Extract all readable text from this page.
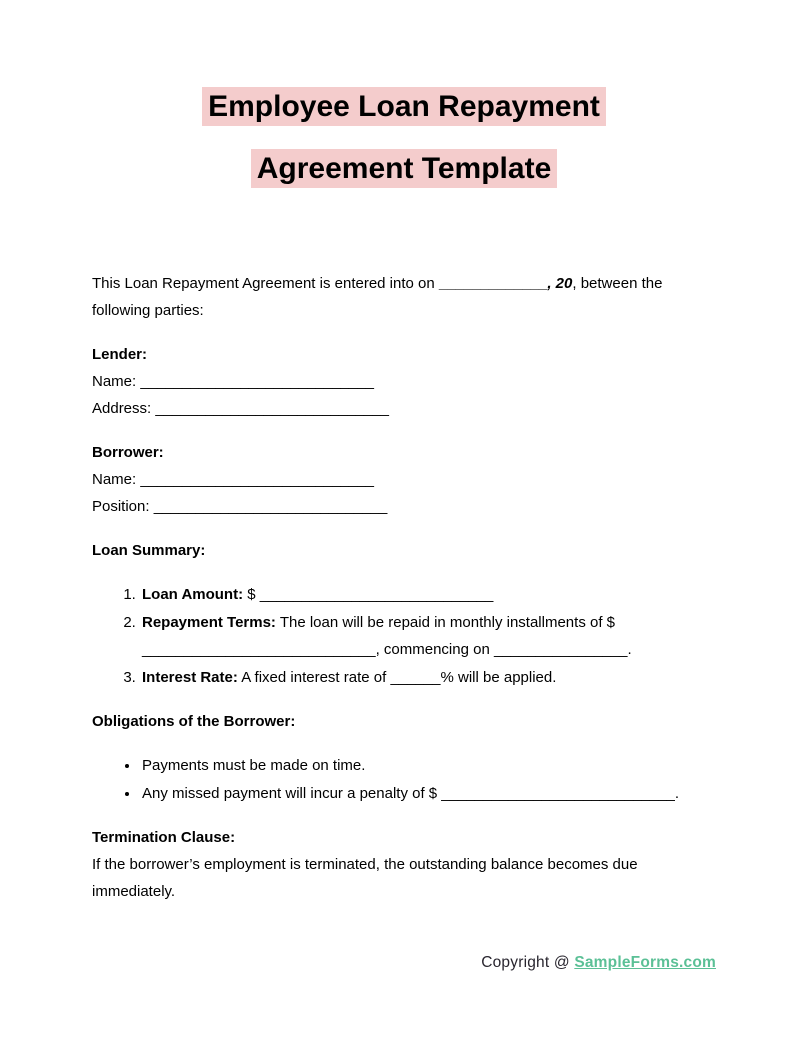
Employee Loan Repayment
Agreement Template

This Loan Repayment Agreement is entered into on _____________, 20, between the following parties:

Lender:
Name: ____________________________
Address: ____________________________

Borrower:
Name: ____________________________
Position: ____________________________

Loan Summary:

1. Loan Amount: $ ____________________________
2. Repayment Terms: The loan will be repaid in monthly installments of $ ____________________________, commencing on ________________.
3. Interest Rate: A fixed interest rate of ______% will be applied.

Obligations of the Borrower:

• Payments must be made on time.
• Any missed payment will incur a penalty of $ ____________________________.

Termination Clause:
If the borrower’s employment is terminated, the outstanding balance becomes due immediately.

Copyright @ SampleForms.com
